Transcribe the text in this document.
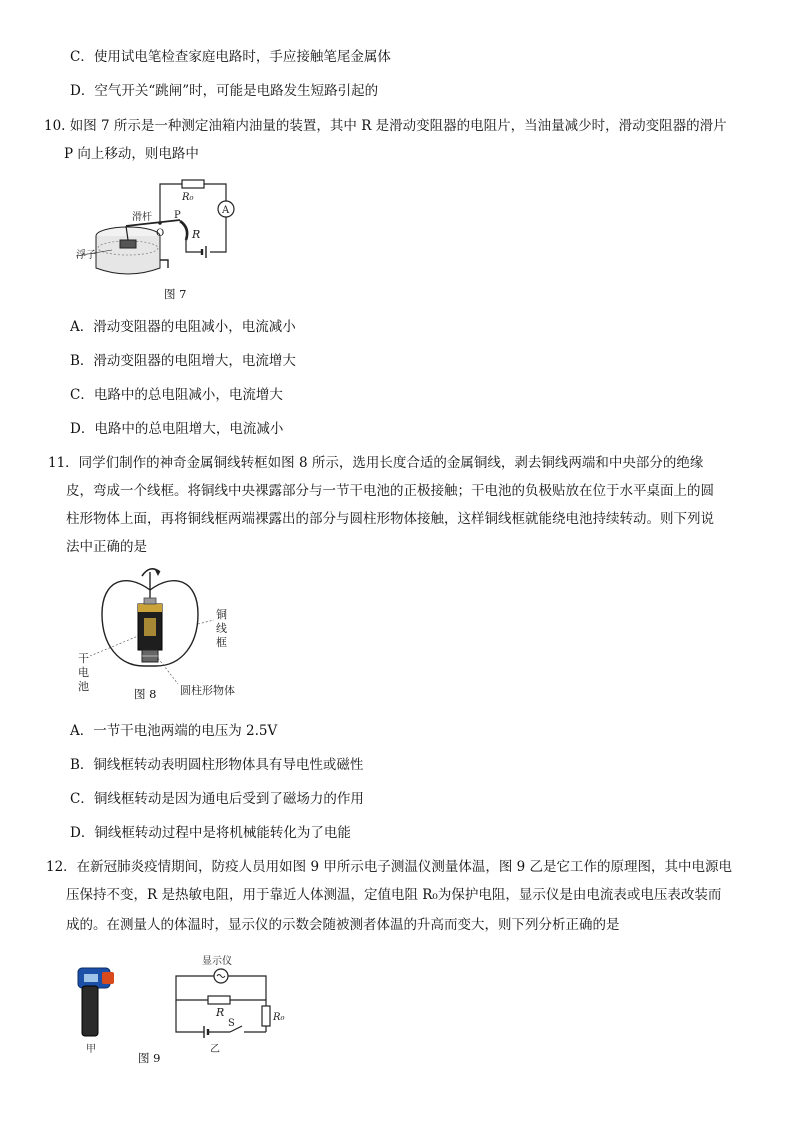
C．使用试电笔检查家庭电路时，手应接触笔尾金属体
D．空气开关“跳闸”时，可能是电路发生短路引起的
10. 如图 7 所示是一种测定油箱内油量的装置，其中 R 是滑动变阻器的电阻片，当油量减少时，滑动变阻器的滑片
P 向上移动，则电路中
R₀
A
滑杆 P
O	R
浮子
图 7
A．滑动变阻器的电阻减小，电流减小
B．滑动变阻器的电阻增大，电流增大
C．电路中的总电阻减小，电流增大
D．电路中的总电阻增大，电流减小
11．同学们制作的神奇金属铜线转框如图 8 所示，选用长度合适的金属铜线，剥去铜线两端和中央部分的绝缘
皮，弯成一个线框。将铜线中央裸露部分与一节干电池的正极接触；干电池的负极贴放在位于水平桌面上的圆
柱形物体上面，再将铜线框两端裸露出的部分与圆柱形物体接触，这样铜线框就能绕电池持续转动。则下列说
法中正确的是
铜线框
干电池	圆柱形物体
图 8
A．一节干电池两端的电压为 2.5V
B．铜线框转动表明圆柱形物体具有导电性或磁性
C．铜线框转动是因为通电后受到了磁场力的作用
D．铜线框转动过程中是将机械能转化为了电能
12．在新冠肺炎疫情期间，防疫人员用如图 9 甲所示电子测温仪测量体温，图 9 乙是它工作的原理图，其中电源电
压保持不变，R 是热敏电阻，用于靠近人体测温，定值电阻 R₀为保护电阻，显示仪是由电流表或电压表改装而
成的。在测量人的体温时，显示仪的示数会随被测者体温的升高而变大，则下列分析正确的是
显示仪
R	R₀
S
甲	乙
图 9
